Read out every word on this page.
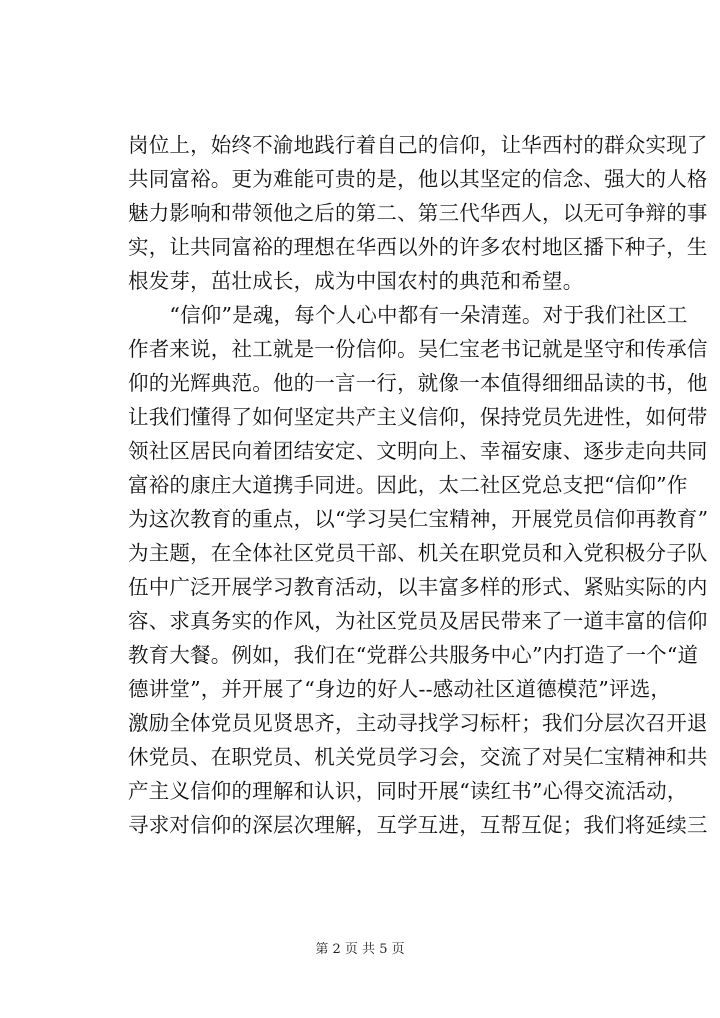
岗位上，始终不渝地践行着自己的信仰，让华西村的群众实现了
共同富裕。更为难能可贵的是，他以其坚定的信念、强大的人格
魅力影响和带领他之后的第二、第三代华西人，以无可争辩的事
实，让共同富裕的理想在华西以外的许多农村地区播下种子，生
根发芽，茁壮成长，成为中国农村的典范和希望。
　　“信仰”是魂，每个人心中都有一朵清莲。对于我们社区工
作者来说，社工就是一份信仰。吴仁宝老书记就是坚守和传承信
仰的光辉典范。他的一言一行，就像一本值得细细品读的书，他
让我们懂得了如何坚定共产主义信仰，保持党员先进性，如何带
领社区居民向着团结安定、文明向上、幸福安康、逐步走向共同
富裕的康庄大道携手同进。因此，太二社区党总支把“信仰”作
为这次教育的重点，以“学习吴仁宝精神，开展党员信仰再教育”
为主题，在全体社区党员干部、机关在职党员和入党积极分子队
伍中广泛开展学习教育活动，以丰富多样的形式、紧贴实际的内
容、求真务实的作风，为社区党员及居民带来了一道丰富的信仰
教育大餐。例如，我们在“党群公共服务中心”内打造了一个“道
德讲堂”，并开展了“身边的好人--感动社区道德模范”评选，
激励全体党员见贤思齐，主动寻找学习标杆；我们分层次召开退
休党员、在职党员、机关党员学习会，交流了对吴仁宝精神和共
产主义信仰的理解和认识，同时开展“读红书”心得交流活动，
寻求对信仰的深层次理解，互学互进，互帮互促；我们将延续三
第 2 页 共 5 页
